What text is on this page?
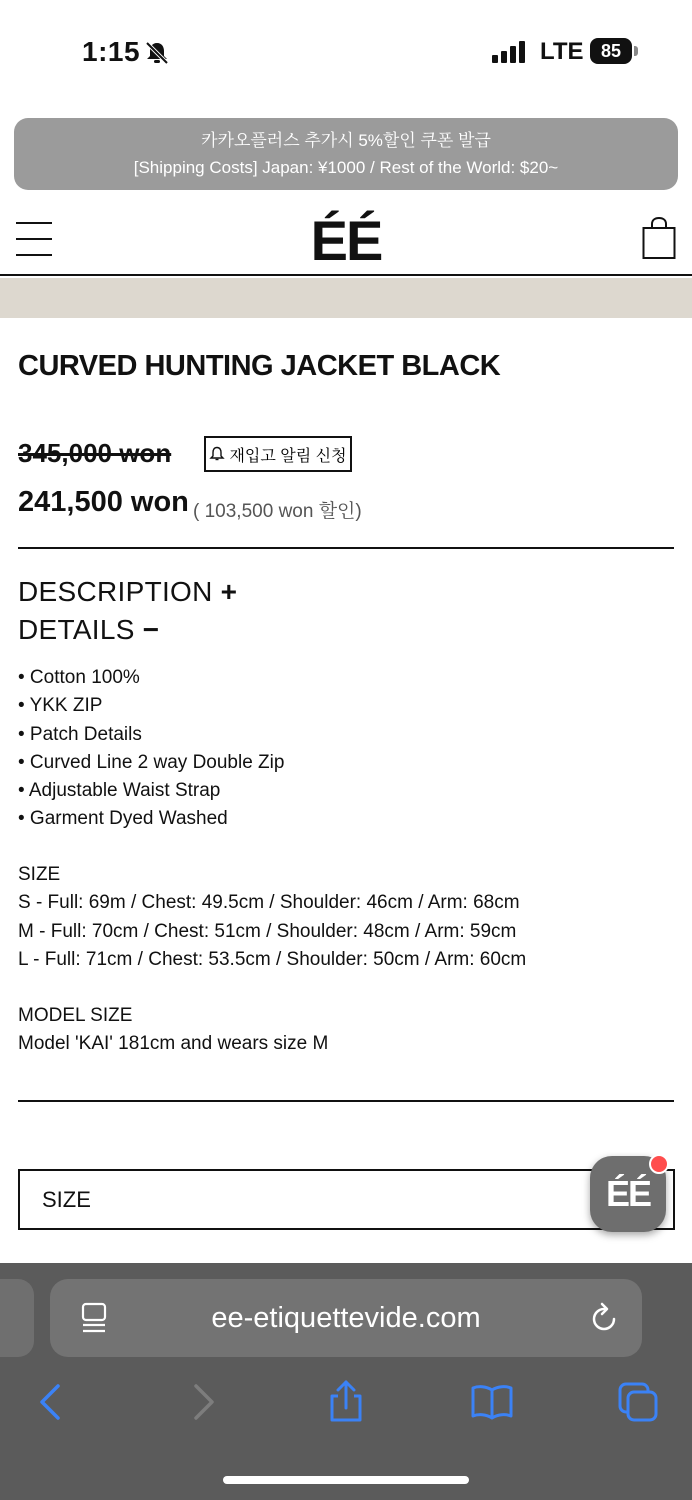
1:15	LTE 85
카카오플러스 추가시 5%할인 쿠폰 발급
[Shipping Costs] Japan: ¥1000 / Rest of the World: $20~
ÉÉ
CURVED HUNTING JACKET BLACK
345,000 won	재입고 알림 신청
241,500 won ( 103,500 won 할인)
DESCRIPTION +
DETAILS −
• Cotton 100%
• YKK ZIP
• Patch Details
• Curved Line 2 way Double Zip
• Adjustable Waist Strap
• Garment Dyed Washed
SIZE
S - Full: 69m / Chest: 49.5cm / Shoulder: 46cm / Arm: 68cm
M - Full: 70cm / Chest: 51cm / Shoulder: 48cm / Arm: 59cm
L - Full: 71cm / Chest: 53.5cm / Shoulder: 50cm / Arm: 60cm
MODEL SIZE
Model 'KAI' 181cm and wears size M
SIZE	ÉÉ
ee-etiquettevide.com
